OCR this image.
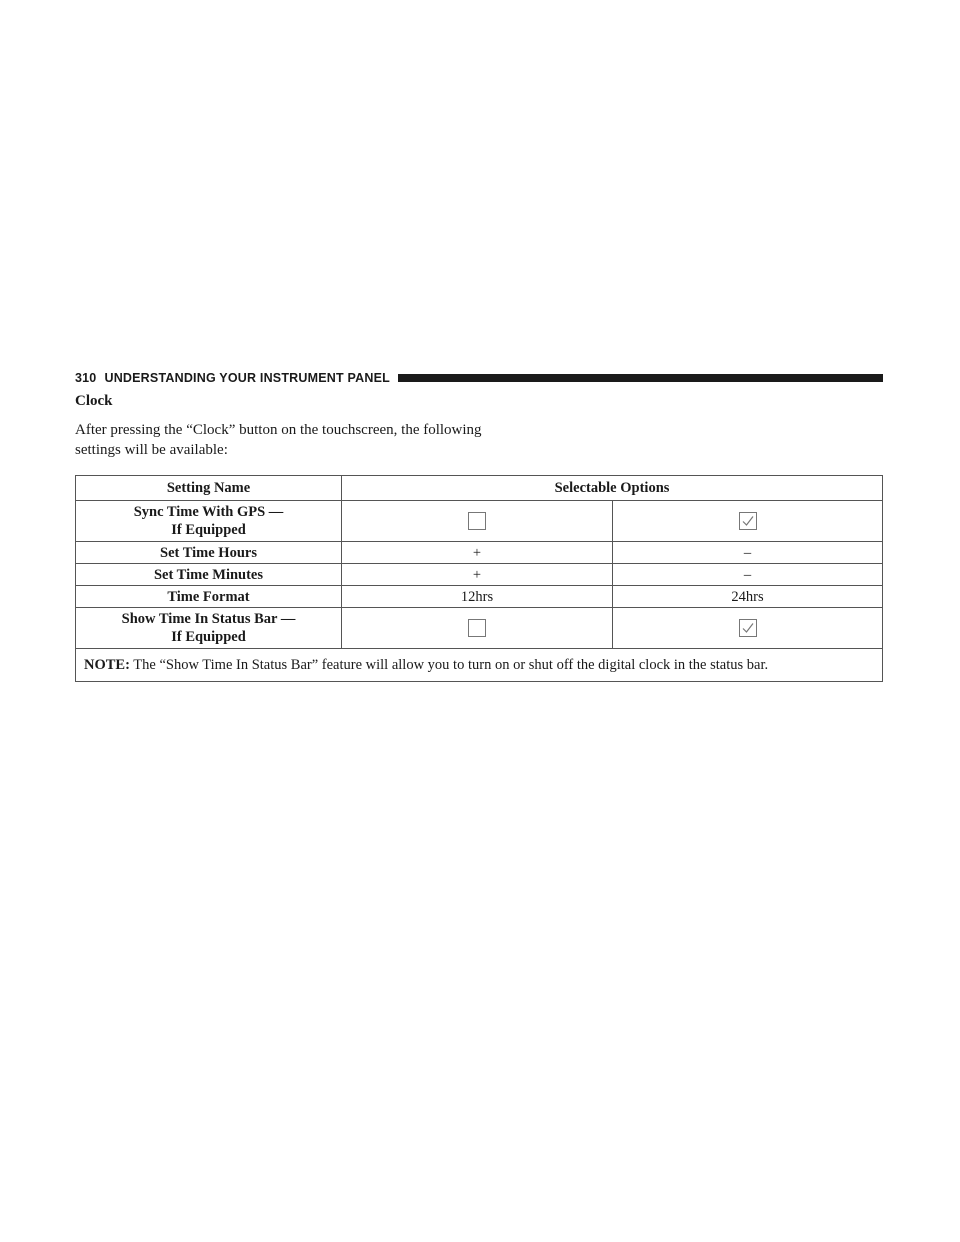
310 UNDERSTANDING YOUR INSTRUMENT PANEL
Clock

After pressing the “Clock” button on the touchscreen, the following settings will be available:

Setting Name	Selectable Options	

Sync Time With GPS —
If Equipped

Set Time Hours	+	–
Set Time Minutes	+	–
Time Format	12hrs	24hrs

Show Time In Status Bar —
If Equipped

NOTE: The “Show Time In Status Bar” feature will allow you to turn on or shut off the digital clock in the status bar.		
